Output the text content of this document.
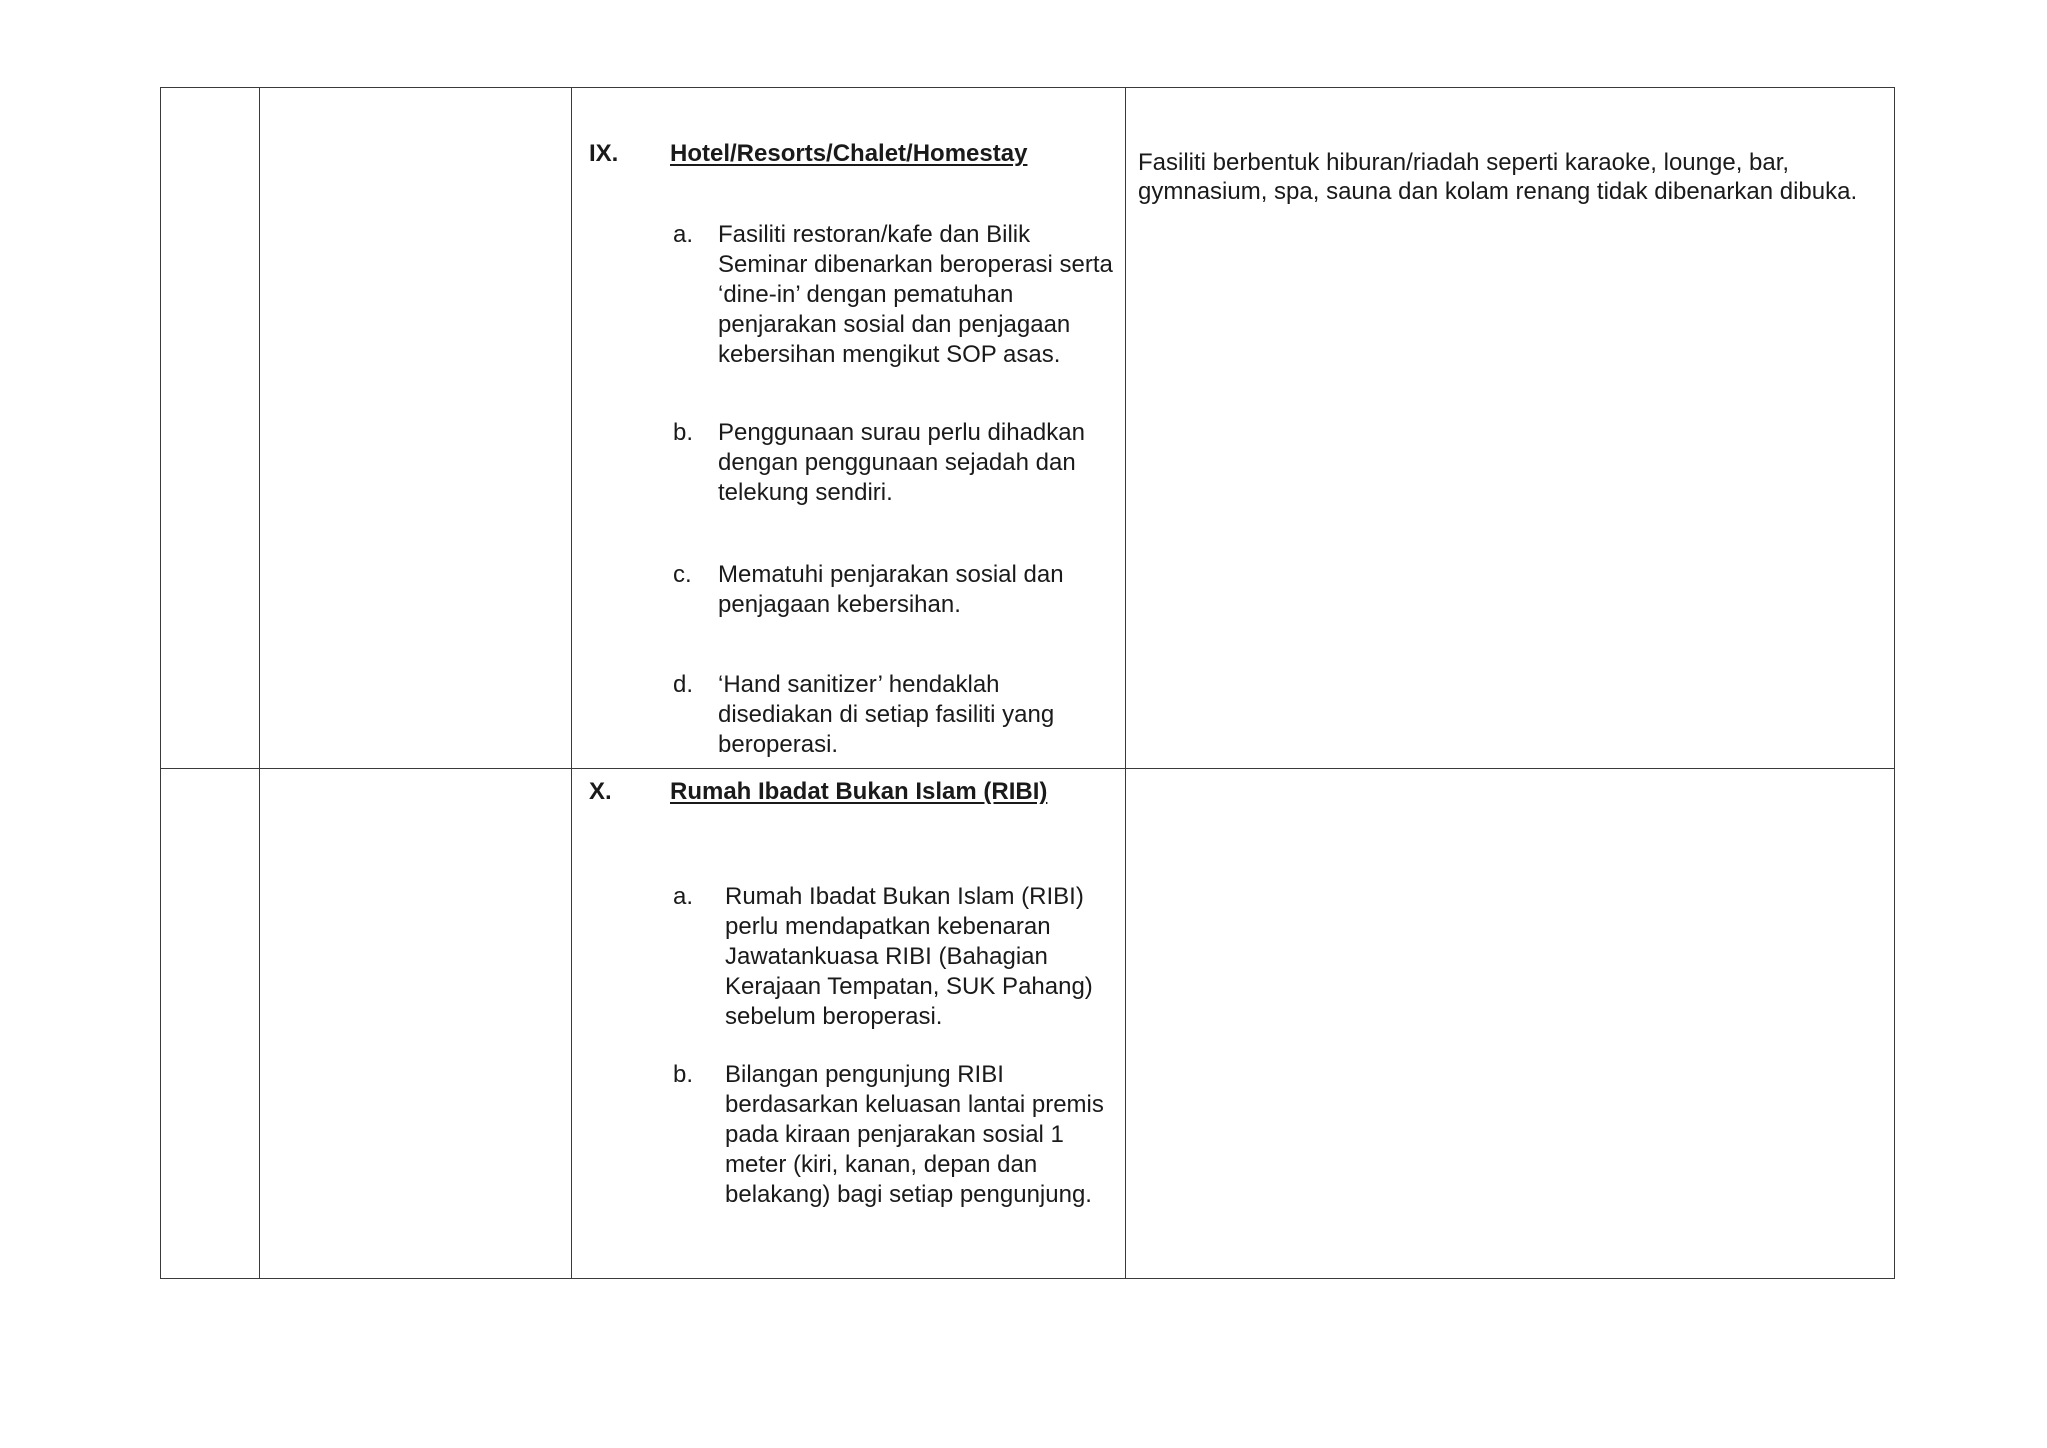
IX. Hotel/Resorts/Chalet/Homestay
a. Fasiliti restoran/kafe dan Bilik Seminar dibenarkan beroperasi serta ‘dine-in’ dengan pematuhan penjarakan sosial dan penjagaan kebersihan mengikut SOP asas.
b. Penggunaan surau perlu dihadkan dengan penggunaan sejadah dan telekung sendiri.
c. Mematuhi penjarakan sosial dan penjagaan kebersihan.
d. ‘Hand sanitizer’ hendaklah disediakan di setiap fasiliti yang beroperasi.
Fasiliti berbentuk hiburan/riadah seperti karaoke, lounge, bar, gymnasium, spa, sauna dan kolam renang tidak dibenarkan dibuka.
X. Rumah Ibadat Bukan Islam (RIBI)
a. Rumah Ibadat Bukan Islam (RIBI) perlu mendapatkan kebenaran Jawatankuasa RIBI (Bahagian Kerajaan Tempatan, SUK Pahang) sebelum beroperasi.
b. Bilangan pengunjung RIBI berdasarkan keluasan lantai premis pada kiraan penjarakan sosial 1 meter (kiri, kanan, depan dan belakang) bagi setiap pengunjung.
